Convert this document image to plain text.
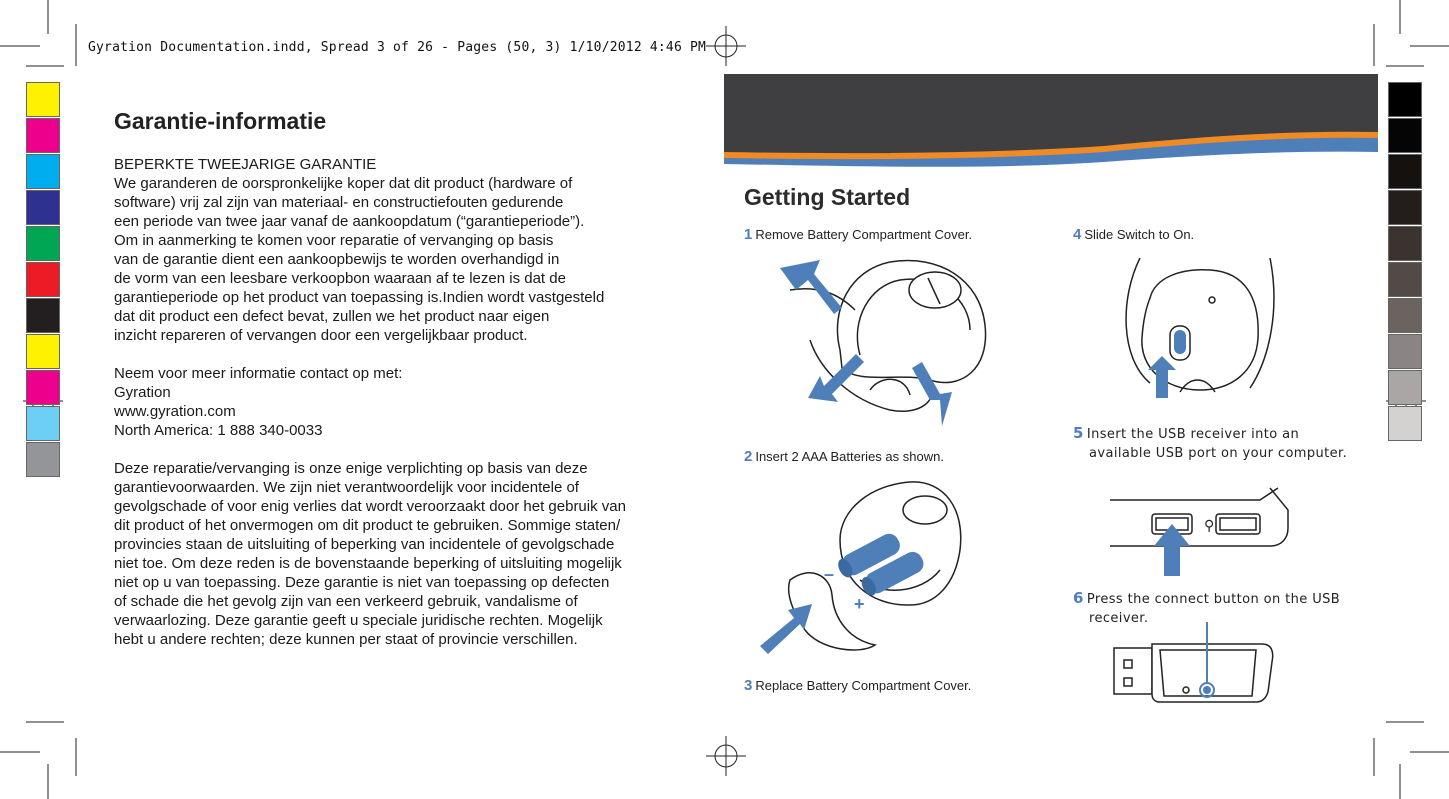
Gyration Documentation.indd, Spread 3 of 26 - Pages (50, 3) 1/10/2012 4:46 PM
Garantie-informatie

BEPERKTE TWEEJARIGE GARANTIE
We garanderen de oorspronkelijke koper dat dit product (hardware of
software) vrij zal zijn van materiaal- en constructiefouten gedurende
een periode van twee jaar vanaf de aankoopdatum (“garantieperiode”).
Om in aanmerking te komen voor reparatie of vervanging op basis
van de garantie dient een aankoopbewijs te worden overhandigd in
de vorm van een leesbare verkoopbon waaraan af te lezen is dat de
garantieperiode op het product van toepassing is.Indien wordt vastgesteld
dat dit product een defect bevat, zullen we het product naar eigen
inzicht repareren of vervangen door een vergelijkbaar product.

Neem voor meer informatie contact op met:
Gyration
www.gyration.com
North America: 1 888 340-0033

Deze reparatie/vervanging is onze enige verplichting op basis van deze
garantievoorwaarden. We zijn niet verantwoordelijk voor incidentele of
gevolgschade of voor enig verlies dat wordt veroorzaakt door het gebruik van
dit product of het onvermogen om dit product te gebruiken. Sommige staten/
provincies staan de uitsluiting of beperking van incidentele of gevolgschade
niet toe. Om deze reden is de bovenstaande beperking of uitsluiting mogelijk
niet op u van toepassing. Deze garantie is niet van toepassing op defecten
of schade die het gevolg zijn van een verkeerd gebruik, vandalisme of
verwaarlozing. Deze garantie geeft u speciale juridische rechten. Mogelijk
hebt u andere rechten; deze kunnen per staat of provincie verschillen.

Getting Started
1 Remove Battery Compartment Cover.
2 Insert 2 AAA Batteries as shown.
3 Replace Battery Compartment Cover.
4 Slide Switch to On.
5 Insert the USB receiver into an
available USB port on your computer.
6 Press the connect button on the USB
receiver.
–
+
⚲
